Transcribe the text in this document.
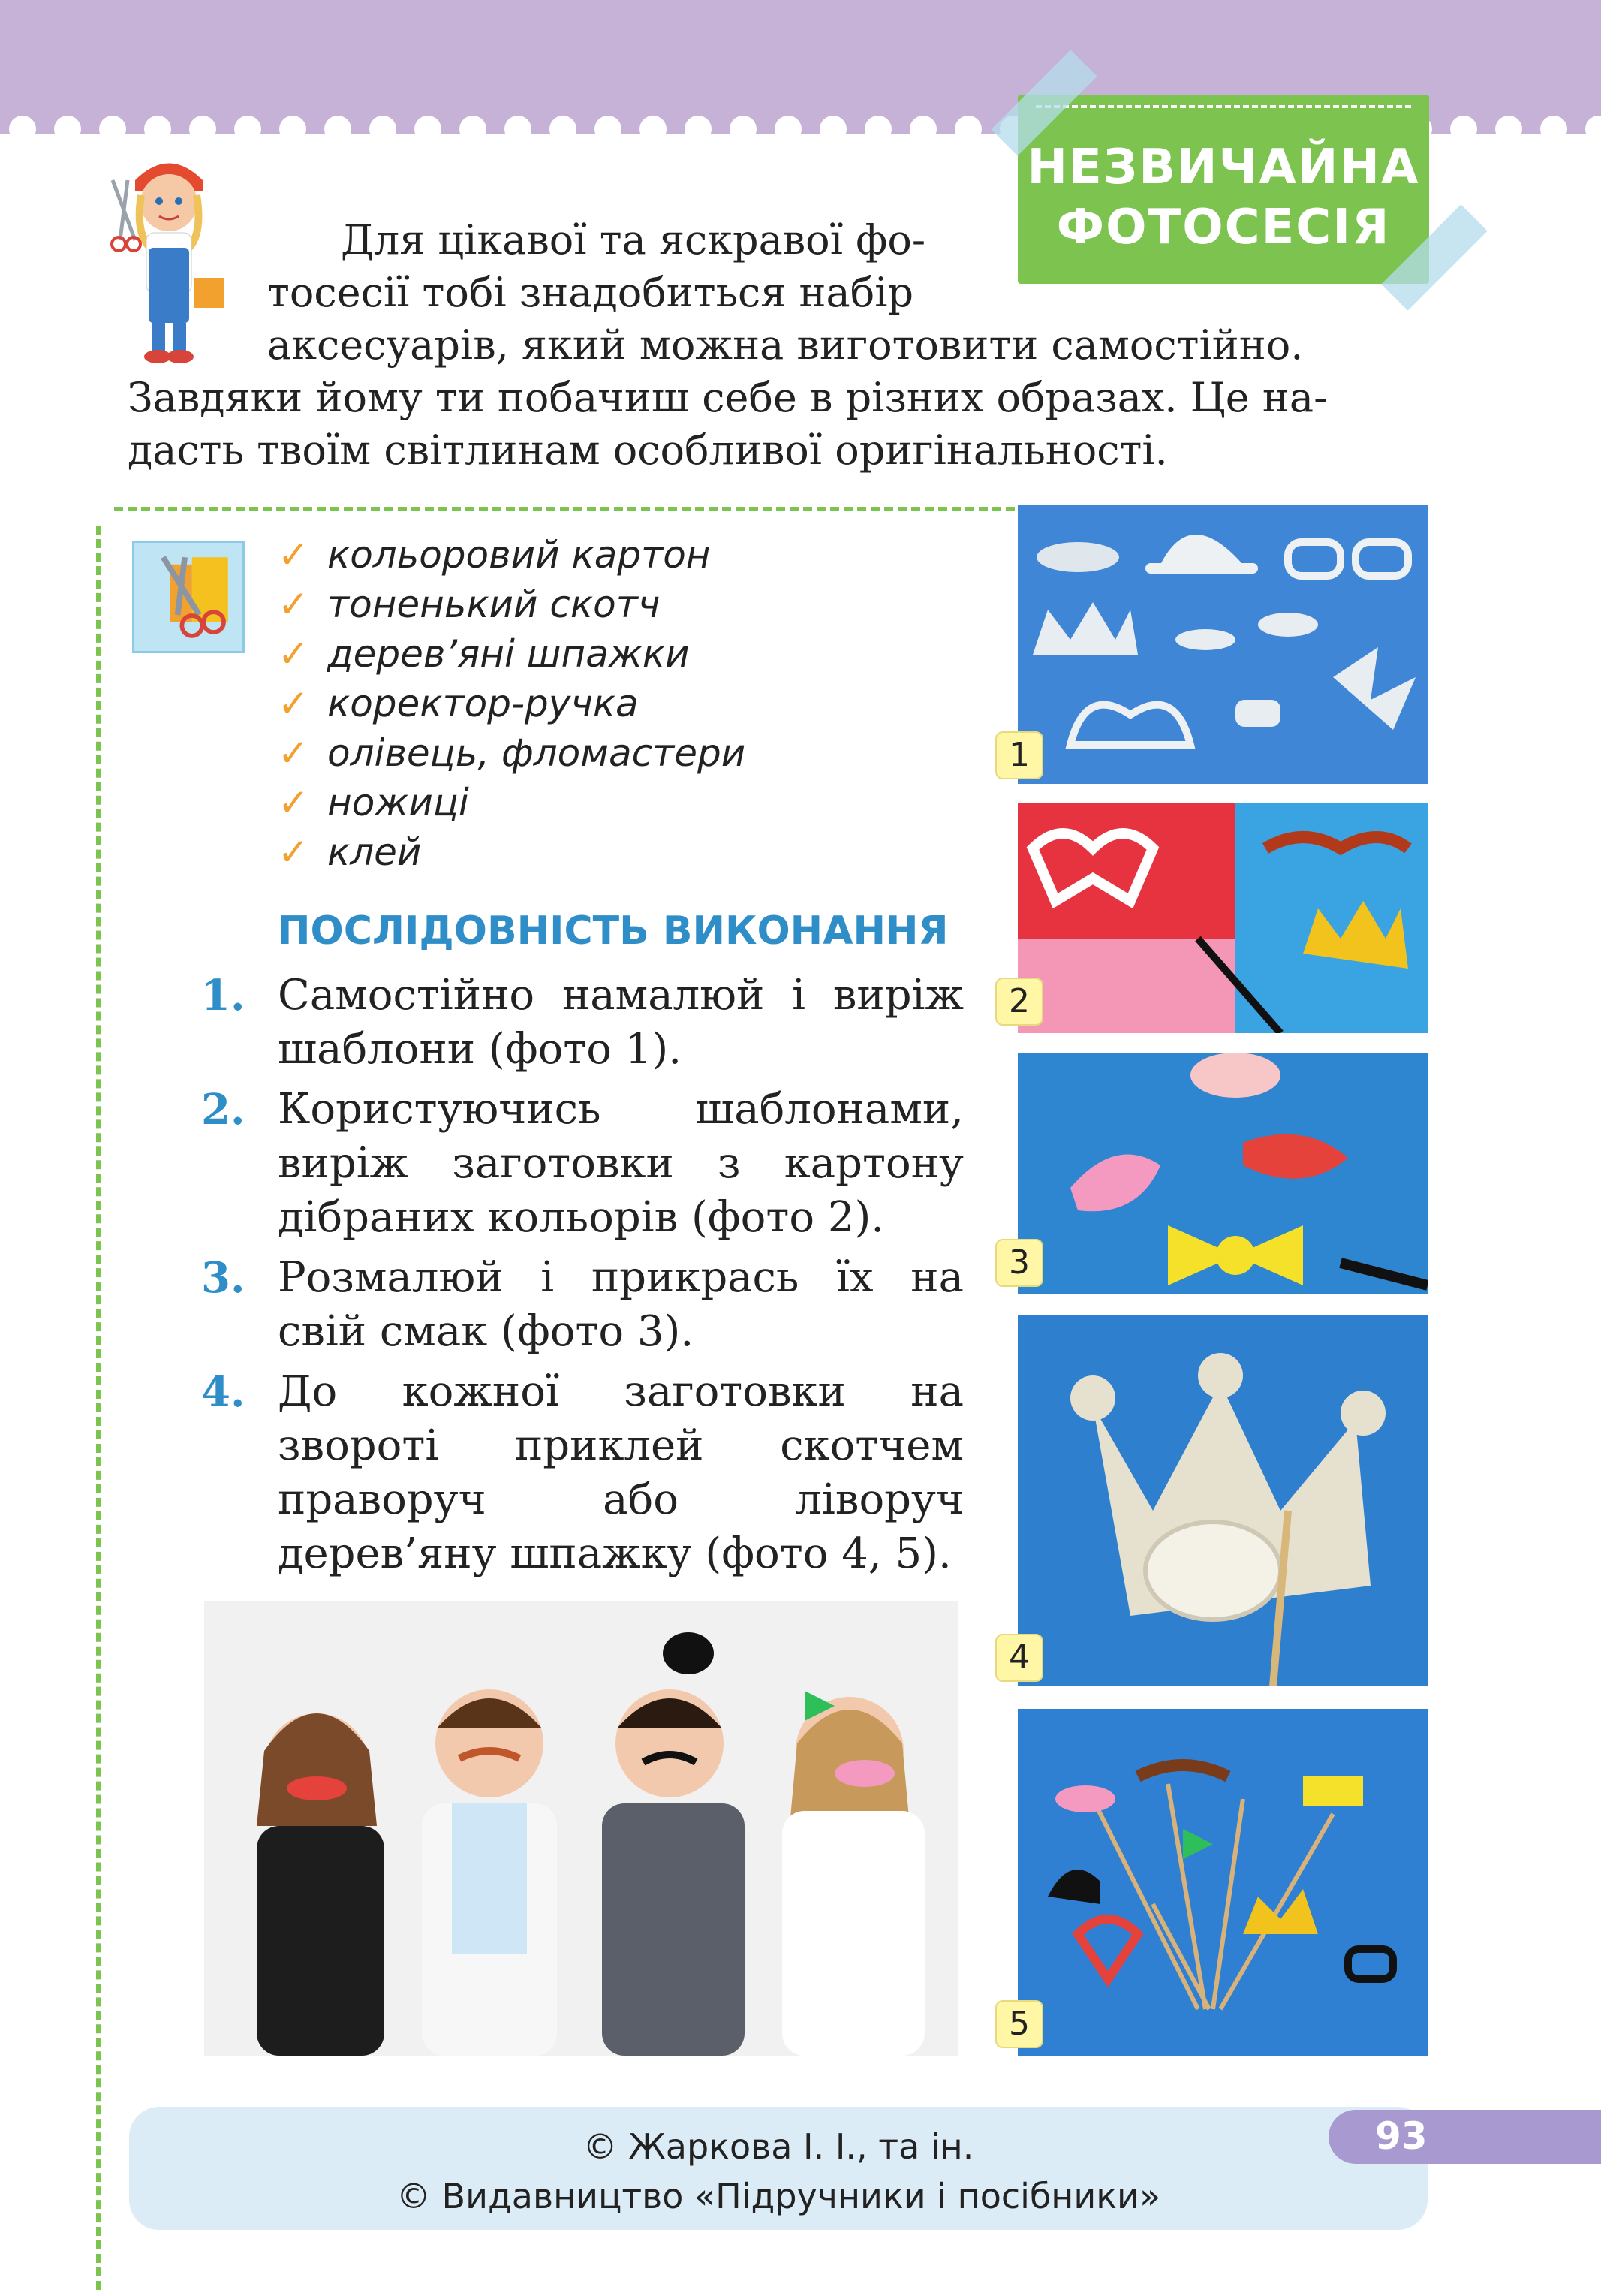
НЕЗВИЧАЙНА
ФОТОСЕСІЯ

Для цікавої та яскравої фо-

тосесії тобі знадобиться набір

аксесуарів, який можна виготовити самостійно.

Завдяки йому ти побачиш себе в різних образах. Це на-

дасть твоїм світлинам особливої оригінальності.

✓ кольоровий картон
✓ тоненький скотч
✓ дерев’яні шпажки
✓ коректор-ручка
✓ олівець, фломастери
✓ ножиці
✓ клей
ПОСЛІДОВНІСТЬ ВИКОНАННЯ
1. Самостійно намалюй і виріж шаблони (фото 1).
2. Користуючись шаблонами, виріж заготовки з картону дібраних кольорів (фото 2).
3. Розмалюй і прикрась їх на свій смак (фото 3).
4. До кожної заготовки на звороті приклей скотчем праворуч або ліворуч дерев’яну шпажку (фото 4, 5).
1
2
3
4
5
© Жаркова І. І., та ін.
© Видавництво «Підручники і посібники»
93
